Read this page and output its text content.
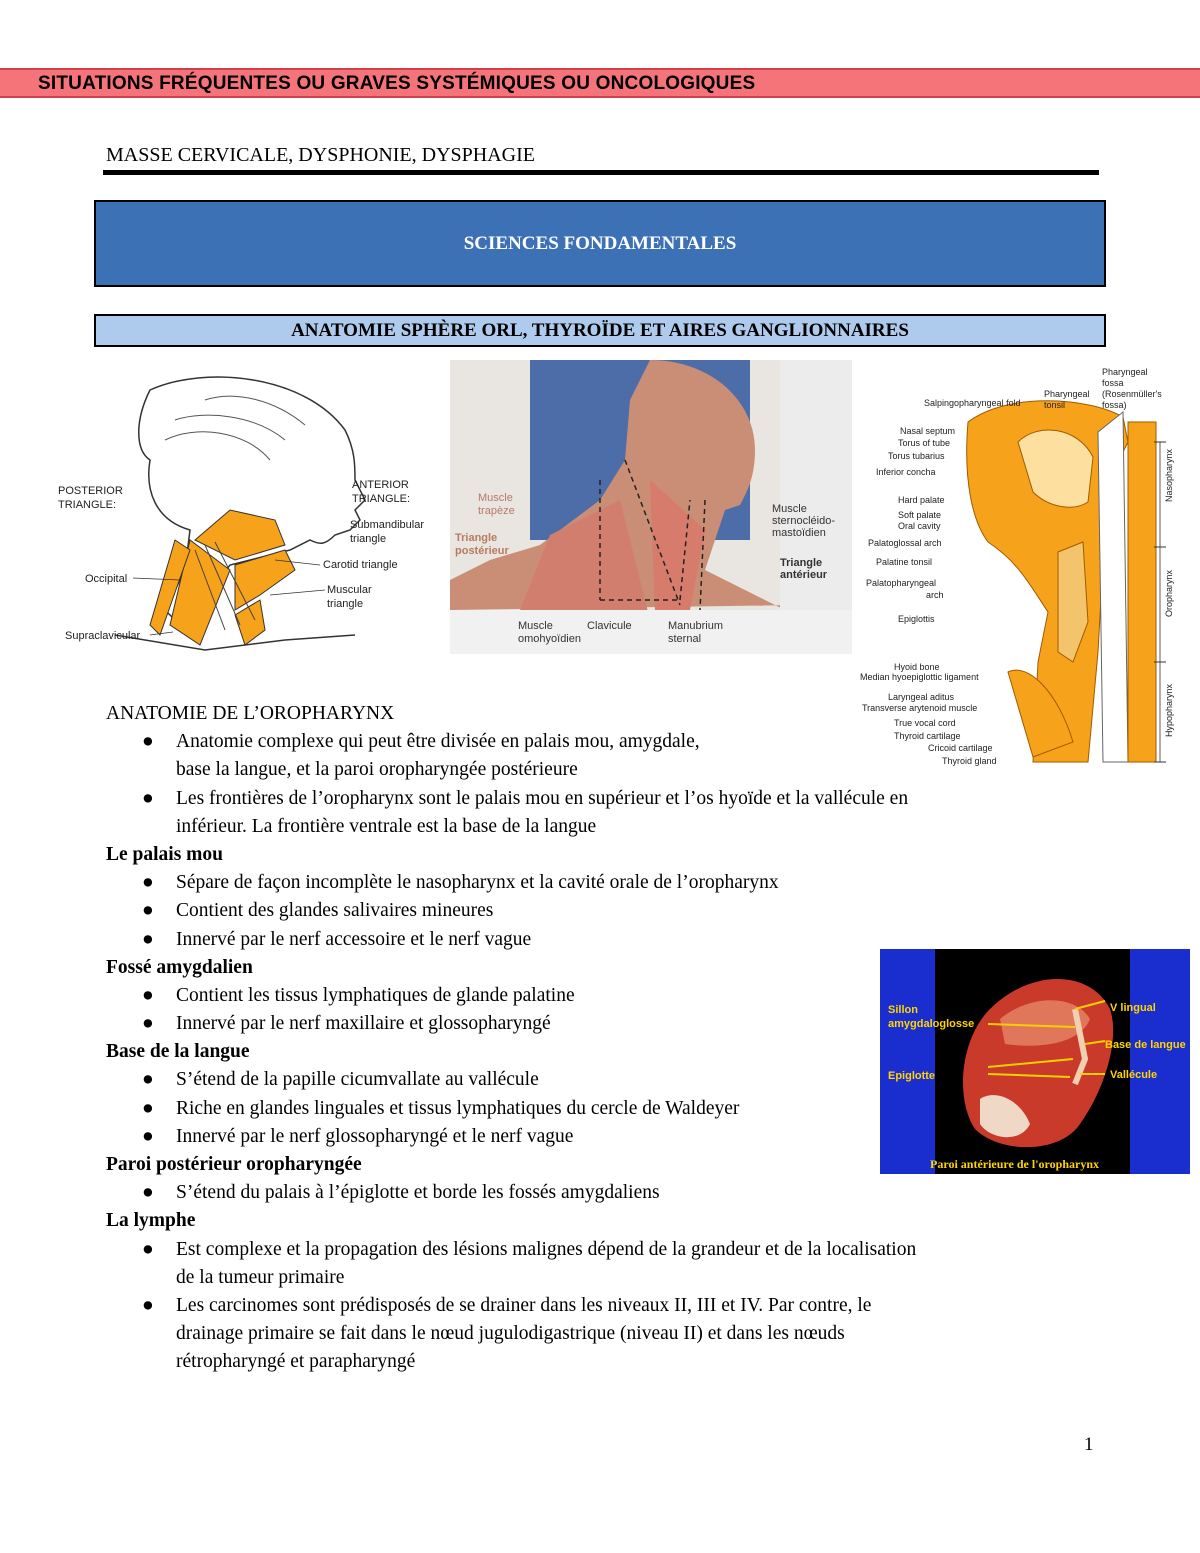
SITUATIONS FRÉQUENTES OU GRAVES SYSTÉMIQUES OU ONCOLOGIQUES
MASSE CERVICALE, DYSPHONIE, DYSPHAGIE
SCIENCES FONDAMENTALES
ANATOMIE SPHÈRE ORL, THYROÏDE ET AIRES GANGLIONNAIRES
POSTERIOR
TRIANGLE:
ANTERIOR
TRIANGLE:
Submandibular
triangle
Carotid triangle
Occipital
Muscular
triangle
Supraclavicular
Muscle
trapèze
Triangle
postérieur
Muscle
sternocléido-
mastoïdien
Triangle
antérieur
Muscle
omohyoïdien
Clavicule	Manubrium
sternal
Pharyngeal
fossa
(Rosenmüller's
fossa)
Pharyngeal
tonsil
Salpingopharyngeal fold
Nasal septum
Torus of tube
Torus tubarius
Inferior concha
Hard palate
Soft palate
Oral cavity
Palatoglossal arch
Palatine tonsil
Palatopharyngeal
arch
Epiglottis
Hyoid bone
Median hyoepiglottic ligament
Laryngeal aditus
Transverse arytenoid muscle
True vocal cord
Thyroid cartilage
Cricoid cartilage
Thyroid gland
Nasopharynx
Oropharynx
Hypopharynx
Sillon
amygdaloglosse
V lingual
Base de langue
Epiglotte	Vallécule
Paroi antérieure de l'oropharynx
ANATOMIE DE L’OROPHARYNX
● Anatomie complexe qui peut être divisée en palais mou, amygdale,
base la langue, et la paroi oropharyngée postérieure
● Les frontières de l’oropharynx sont le palais mou en supérieur et l’os hyoïde et la vallécule en
inférieur. La frontière ventrale est la base de la langue
Le palais mou
● Sépare de façon incomplète le nasopharynx et la cavité orale de l’oropharynx
● Contient des glandes salivaires mineures
● Innervé par le nerf accessoire et le nerf vague
Fossé amygdalien
● Contient les tissus lymphatiques de glande palatine
● Innervé par le nerf maxillaire et glossopharyngé
Base de la langue
● S’étend de la papille cicumvallate au vallécule
● Riche en glandes linguales et tissus lymphatiques du cercle de Waldeyer
● Innervé par le nerf glossopharyngé et le nerf vague
Paroi postérieur oropharyngée
● S’étend du palais à l’épiglotte et borde les fossés amygdaliens
La lymphe
● Est complexe et la propagation des lésions malignes dépend de la grandeur et de la localisation
de la tumeur primaire
● Les carcinomes sont prédisposés de se drainer dans les niveaux II, III et IV. Par contre, le
drainage primaire se fait dans le nœud jugulodigastrique (niveau II) et dans les nœuds
rétropharyngé et parapharyngé
1
